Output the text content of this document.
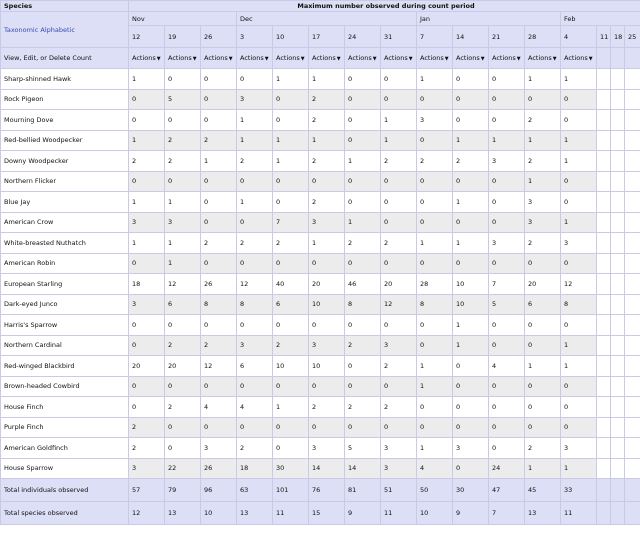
Species	Maximum number observed during count period															
Taxonomic Alphabetic	Nov			Dec					Jan				Feb			
	12	19	26	3	10	17	24	31	7	14	21	28	4	11	18	25
View, Edit, or Delete Count	Actions▼	Actions▼	Actions▼	Actions▼	Actions▼	Actions▼	Actions▼	Actions▼	Actions▼	Actions▼	Actions▼	Actions▼	Actions▼			
Sharp-shinned Hawk	1	0	0	0	1	1	0	0	1	0	0	1	1			
Rock Pigeon	0	5	0	3	0	2	0	0	0	0	0	0	0			
Mourning Dove	0	0	0	1	0	2	0	1	3	0	0	2	0			
Red-bellied Woodpecker	1	2	2	1	1	1	0	1	0	1	1	1	1			
Downy Woodpecker	2	2	1	2	1	2	1	2	2	2	3	2	1			
Northern Flicker	0	0	0	0	0	0	0	0	0	0	0	1	0			
Blue Jay	1	1	0	1	0	2	0	0	0	1	0	3	0			
American Crow	3	3	0	0	7	3	1	0	0	0	0	3	1			
White-breasted Nuthatch	1	1	2	2	2	1	2	2	1	1	3	2	3			
American Robin	0	1	0	0	0	0	0	0	0	0	0	0	0			
European Starling	18	12	26	12	40	20	46	20	28	10	7	20	12			
Dark-eyed Junco	3	6	8	8	6	10	8	12	8	10	5	6	8			
Harris's Sparrow	0	0	0	0	0	0	0	0	0	1	0	0	0			
Northern Cardinal	0	2	2	3	2	3	2	3	0	1	0	0	1			
Red-winged Blackbird	20	20	12	6	10	10	0	2	1	0	4	1	1			
Brown-headed Cowbird	0	0	0	0	0	0	0	0	1	0	0	0	0			
House Finch	0	2	4	4	1	2	2	2	0	0	0	0	0			
Purple Finch	2	0	0	0	0	0	0	0	0	0	0	0	0			
American Goldfinch	2	0	3	2	0	3	5	3	1	3	0	2	3			
House Sparrow	3	22	26	18	30	14	14	3	4	0	24	1	1			
Total individuals observed	57	79	96	63	101	76	81	51	50	30	47	45	33			
Total species observed	12	13	10	13	11	15	9	11	10	9	7	13	11			
